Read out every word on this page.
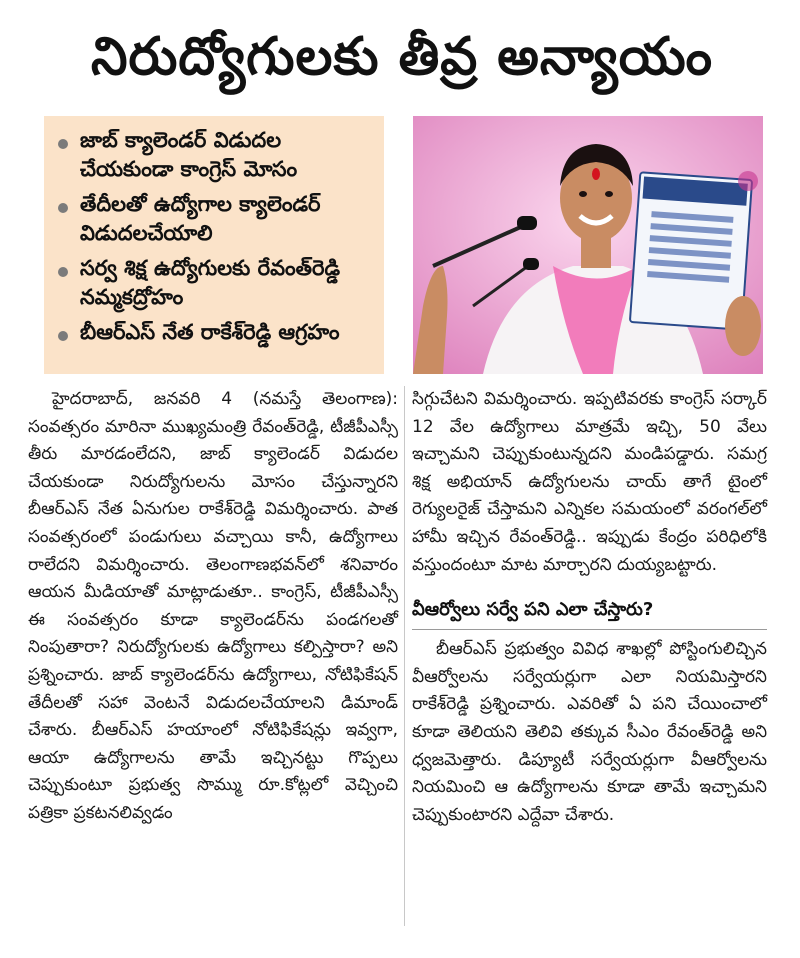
నిరుద్యోగులకు తీవ్ర అన్యాయం
జాబ్ క్యాలెండర్ విడుదల చేయకుండా కాంగ్రెస్ మోసం
తేదీలతో ఉద్యోగాల క్యాలెండర్ విడుదలచేయాలి
సర్వ శిక్ష ఉద్యోగులకు రేవంత్‌రెడ్డి నమ్మకద్రోహం
బీఆర్‌ఎస్ నేత రాకేశ్‌రెడ్డి ఆగ్రహం

హైదరాబాద్, జనవరి 4 (నమస్తే తెలంగాణ): సంవత్సరం మారినా ముఖ్యమంత్రి రేవంత్‌రెడ్డి, టీజీపీఎస్సీ తీరు మారడంలేదని, జాబ్ క్యాలెండర్ విడుదల చేయకుండా నిరుద్యోగులను మోసం చేస్తున్నారని బీఆర్‌ఎస్ నేత ఏనుగుల రాకేశ్‌రెడ్డి విమర్శించారు. పాత సంవత్సరంలో పండుగులు వచ్చాయి కానీ, ఉద్యోగాలు రాలేదని విమర్శించారు. తెలంగాణభవన్‌లో శనివారం ఆయన మీడియాతో మాట్లాడుతూ.. కాంగ్రెస్, టీజీపీఎస్సీ ఈ సంవత్సరం కూడా క్యాలెండర్‌ను పండగలతో నింపుతారా? నిరుద్యోగులకు ఉద్యోగాలు కల్పిస్తారా? అని ప్రశ్నించారు. జాబ్ క్యాలెండర్‌ను ఉద్యోగాలు, నోటిఫికేషన్ తేదీలతో సహా వెంటనే విడుదలచేయాలని డిమాండ్ చేశారు. బీఆర్‌ఎస్ హయాంలో నోటిఫికేషన్లు ఇవ్వగా, ఆయా ఉద్యోగాలను తామే ఇచ్చినట్టు గొప్పలు చెప్పుకుంటూ ప్రభుత్వ సొమ్ము రూ.కోట్లలో వెచ్చించి పత్రికా ప్రకటనలివ్వడం

సిగ్గుచేటని విమర్శించారు. ఇప్పటివరకు కాంగ్రెస్ సర్కార్ 12 వేల ఉద్యోగాలు మాత్రమే ఇచ్చి, 50 వేలు ఇచ్చామని చెప్పుకుంటున్నదని మండిపడ్డారు. సమగ్ర శిక్ష అభియాన్ ఉద్యోగులను చాయ్ తాగే టైంలో రెగ్యులరైజ్ చేస్తామని ఎన్నికల సమయంలో వరంగల్‌లో హామీ ఇచ్చిన రేవంత్‌రెడ్డి.. ఇప్పుడు కేంద్రం పరిధిలోకి వస్తుందంటూ మాట మార్చారని దుయ్యబట్టారు.

వీఆర్వోలు సర్వే పని ఎలా చేస్తారు?

బీఆర్‌ఎస్ ప్రభుత్వం వివిధ శాఖల్లో పోస్టింగులిచ్చిన వీఆర్వోలను సర్వేయర్లుగా ఎలా నియమిస్తారని రాకేశ్‌రెడ్డి ప్రశ్నించారు. ఎవరితో ఏ పని చేయించాలో కూడా తెలియని తెలివి తక్కువ సీఎం రేవంత్‌రెడ్డి అని ధ్వజమెత్తారు. డిప్యూటీ సర్వేయర్లుగా వీఆర్వోలను నియమించి ఆ ఉద్యోగాలను కూడా తామే ఇచ్చామని చెప్పుకుంటారని ఎద్దేవా చేశారు.
